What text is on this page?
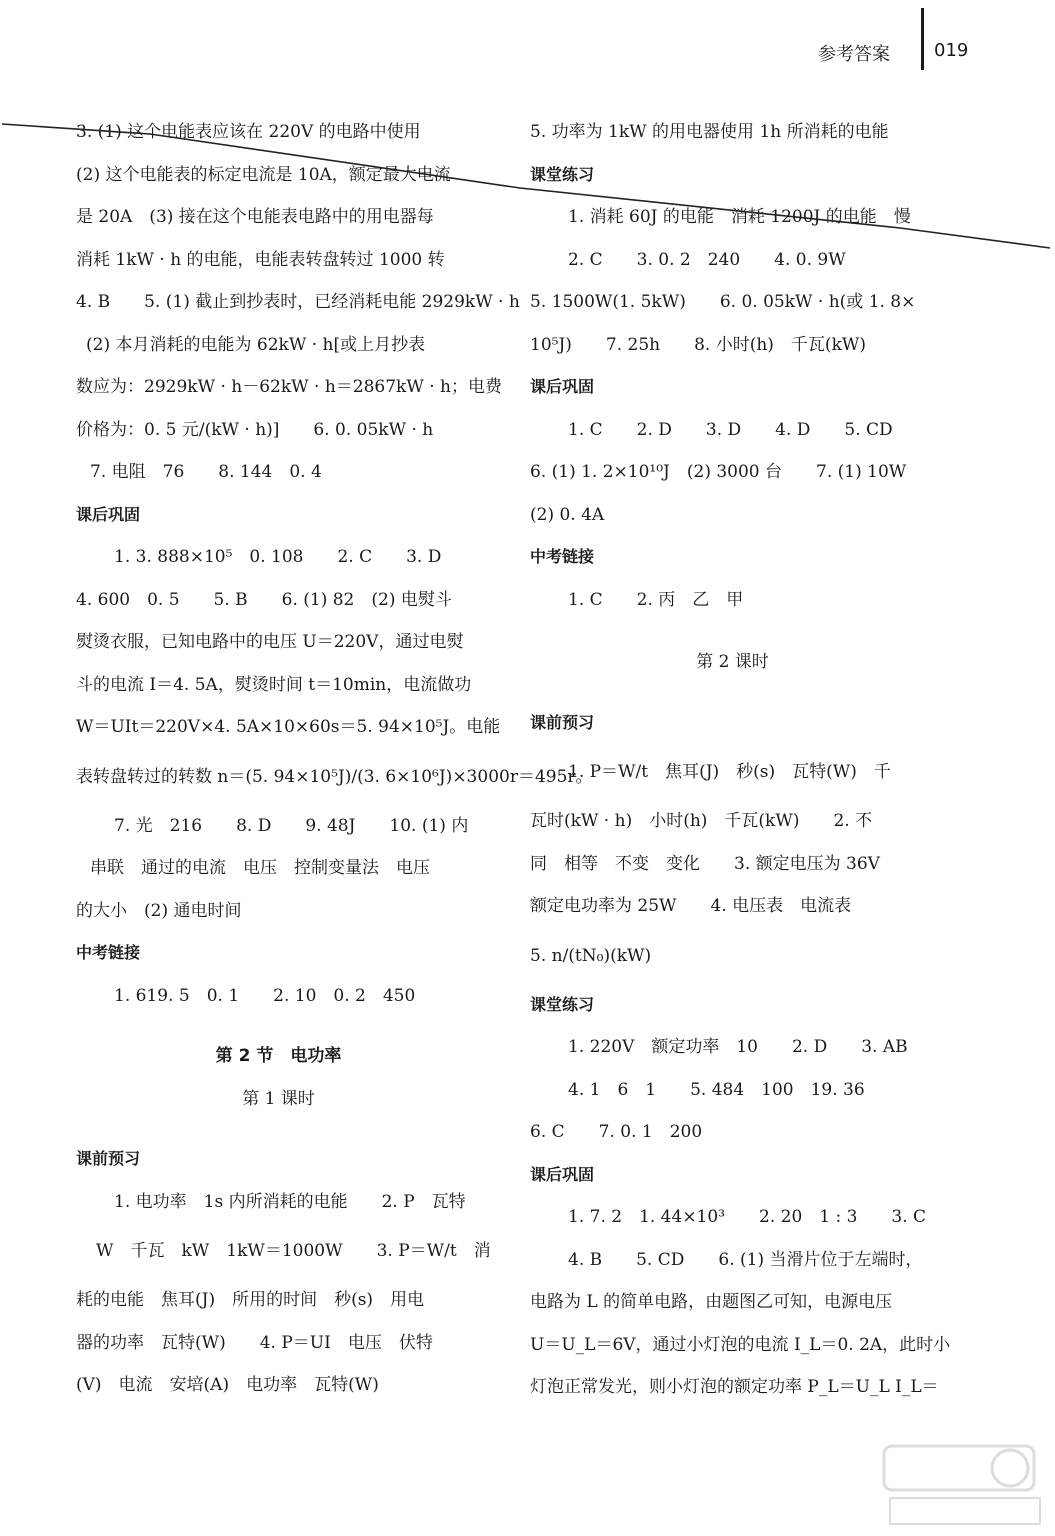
参考答案 019
3. (1) 这个电能表应该在 220V 的电路中使用
(2) 这个电能表的标定电流是 10A，额定最大电流
是 20A　(3) 接在这个电能表电路中的用电器每
消耗 1kW · h 的电能，电能表转盘转过 1000 转
4. B　　5. (1) 截止到抄表时，已经消耗电能 2929kW · h
(2) 本月消耗的电能为 62kW · h[或上月抄表
数应为：2929kW · h－62kW · h＝2867kW · h；电费
价格为：0. 5 元/(kW · h)]　　6. 0. 05kW · h
7. 电阻　76　　8. 144　0. 4
课后巩固
1. 3. 888×10⁵　0. 108　　2. C　　3. D
4. 600　0. 5　　5. B　　6. (1) 82　(2) 电熨斗
熨烫衣服，已知电路中的电压 U＝220V，通过电熨
斗的电流 I＝4. 5A，熨烫时间 t＝10min，电流做功
W＝UIt＝220V×4. 5A×10×60s＝5. 94×10⁵J。电能
表转盘转过的转数 n＝(5. 94×10⁵J)/(3. 6×10⁶J)×3000r＝495r。
7. 光　216　　8. D　　9. 48J　　10. (1) 内
串联　通过的电流　电压　控制变量法　电压
的大小　(2) 通电时间
中考链接
1. 619. 5　0. 1　　2. 10　0. 2　450
第 2 节　电功率
第 1 课时
课前预习
1. 电功率　1s 内所消耗的电能　　2. P　瓦特
W　千瓦　kW　1kW＝1000W　　3. P＝W/t　消
耗的电能　焦耳(J)　所用的时间　秒(s)　用电
器的功率　瓦特(W)　　4. P＝UI　电压　伏特
(V)　电流　安培(A)　电功率　瓦特(W)
5. 功率为 1kW 的用电器使用 1h 所消耗的电能
课堂练习
1. 消耗 60J 的电能　消耗 1200J 的电能　慢
2. C　　3. 0. 2　240　　4. 0. 9W
5. 1500W(1. 5kW)　　6. 0. 05kW · h(或 1. 8×
10⁵J)　　7. 25h　　8. 小时(h)　千瓦(kW)
课后巩固
1. C　　2. D　　3. D　　4. D　　5. CD
6. (1) 1. 2×10¹⁰J　(2) 3000 台　　7. (1) 10W
(2) 0. 4A
中考链接
1. C　　2. 丙　乙　甲
第 2 课时
课前预习
1. P＝W/t　焦耳(J)　秒(s)　瓦特(W)　千
瓦时(kW · h)　小时(h)　千瓦(kW)　　2. 不
同　相等　不变　变化　　3. 额定电压为 36V
额定电功率为 25W　　4. 电压表　电流表
5. n/(tN₀)(kW)
课堂练习
1. 220V　额定功率　10　　2. D　　3. AB
4. 1　6　1　　5. 484　100　19. 36
6. C　　7. 0. 1　200
课后巩固
1. 7. 2　1. 44×10³　　2. 20　1 : 3　　3. C
4. B　　5. CD　　6. (1) 当滑片位于左端时，
电路为 L 的简单电路，由题图乙可知，电源电压
U＝U_L＝6V，通过小灯泡的电流 I_L＝0. 2A，此时小
灯泡正常发光，则小灯泡的额定功率 P_L＝U_L I_L＝
